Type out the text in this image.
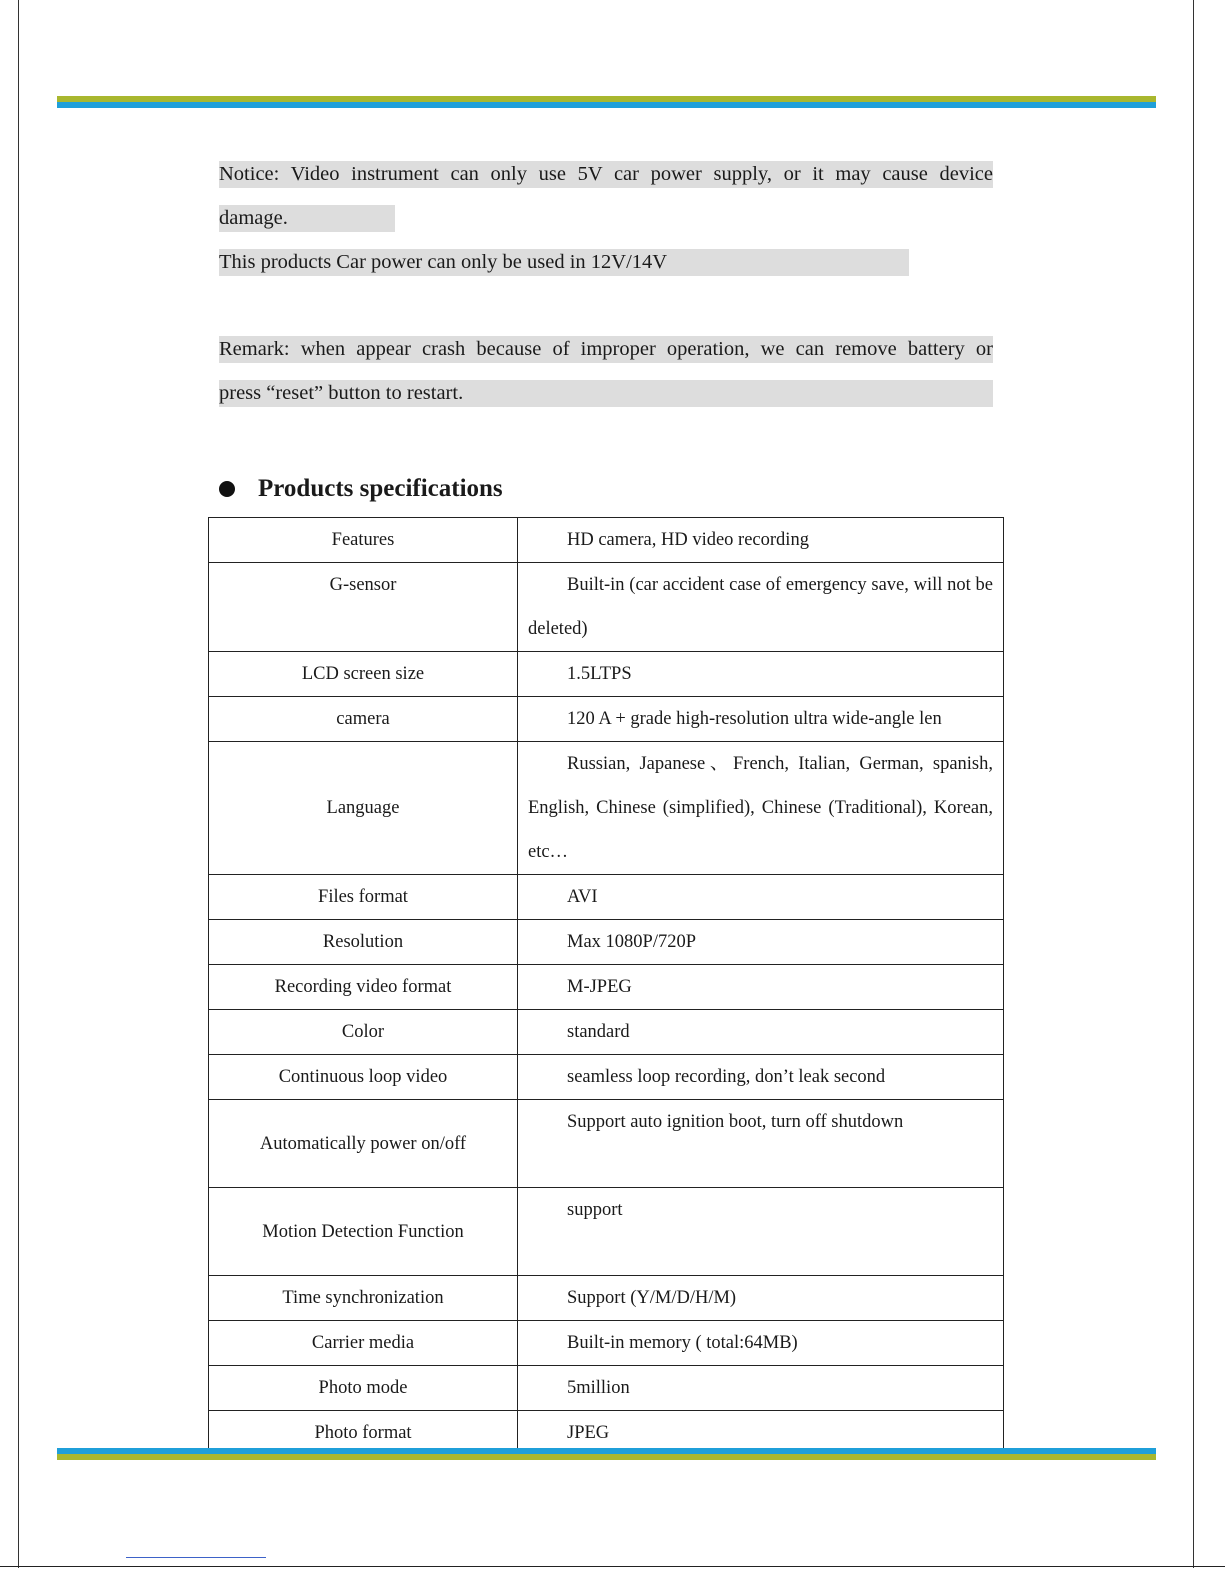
Notice: Video instrument can only use 5V car power supply, or it may cause device
damage.
This products Car power can only be used in 12V/14V
Remark: when appear crash because of improper operation, we can remove battery or
press “reset” button to restart.
Products specifications
Features	HD camera, HD video recording

G-sensor	Built-in (car accident case of emergency save, will not be deleted)

LCD screen size	1.5LTPS

camera	120 A + grade high-resolution ultra wide-angle len

Language	Russian, Japanese、French, Italian, German, spanish, English, Chinese (simplified), Chinese (Traditional), Korean, etc…

Files format	AVI

Resolution	Max 1080P/720P

Recording video format	M-JPEG

Color	standard

Continuous loop video	seamless loop recording, don’t leak second

Automatically power on/off	Support auto ignition boot, turn off shutdown

Motion Detection Function	support

Time synchronization	Support (Y/M/D/H/M)

Carrier media	Built-in memory ( total:64MB)

Photo mode	5million

Photo format	JPEG
